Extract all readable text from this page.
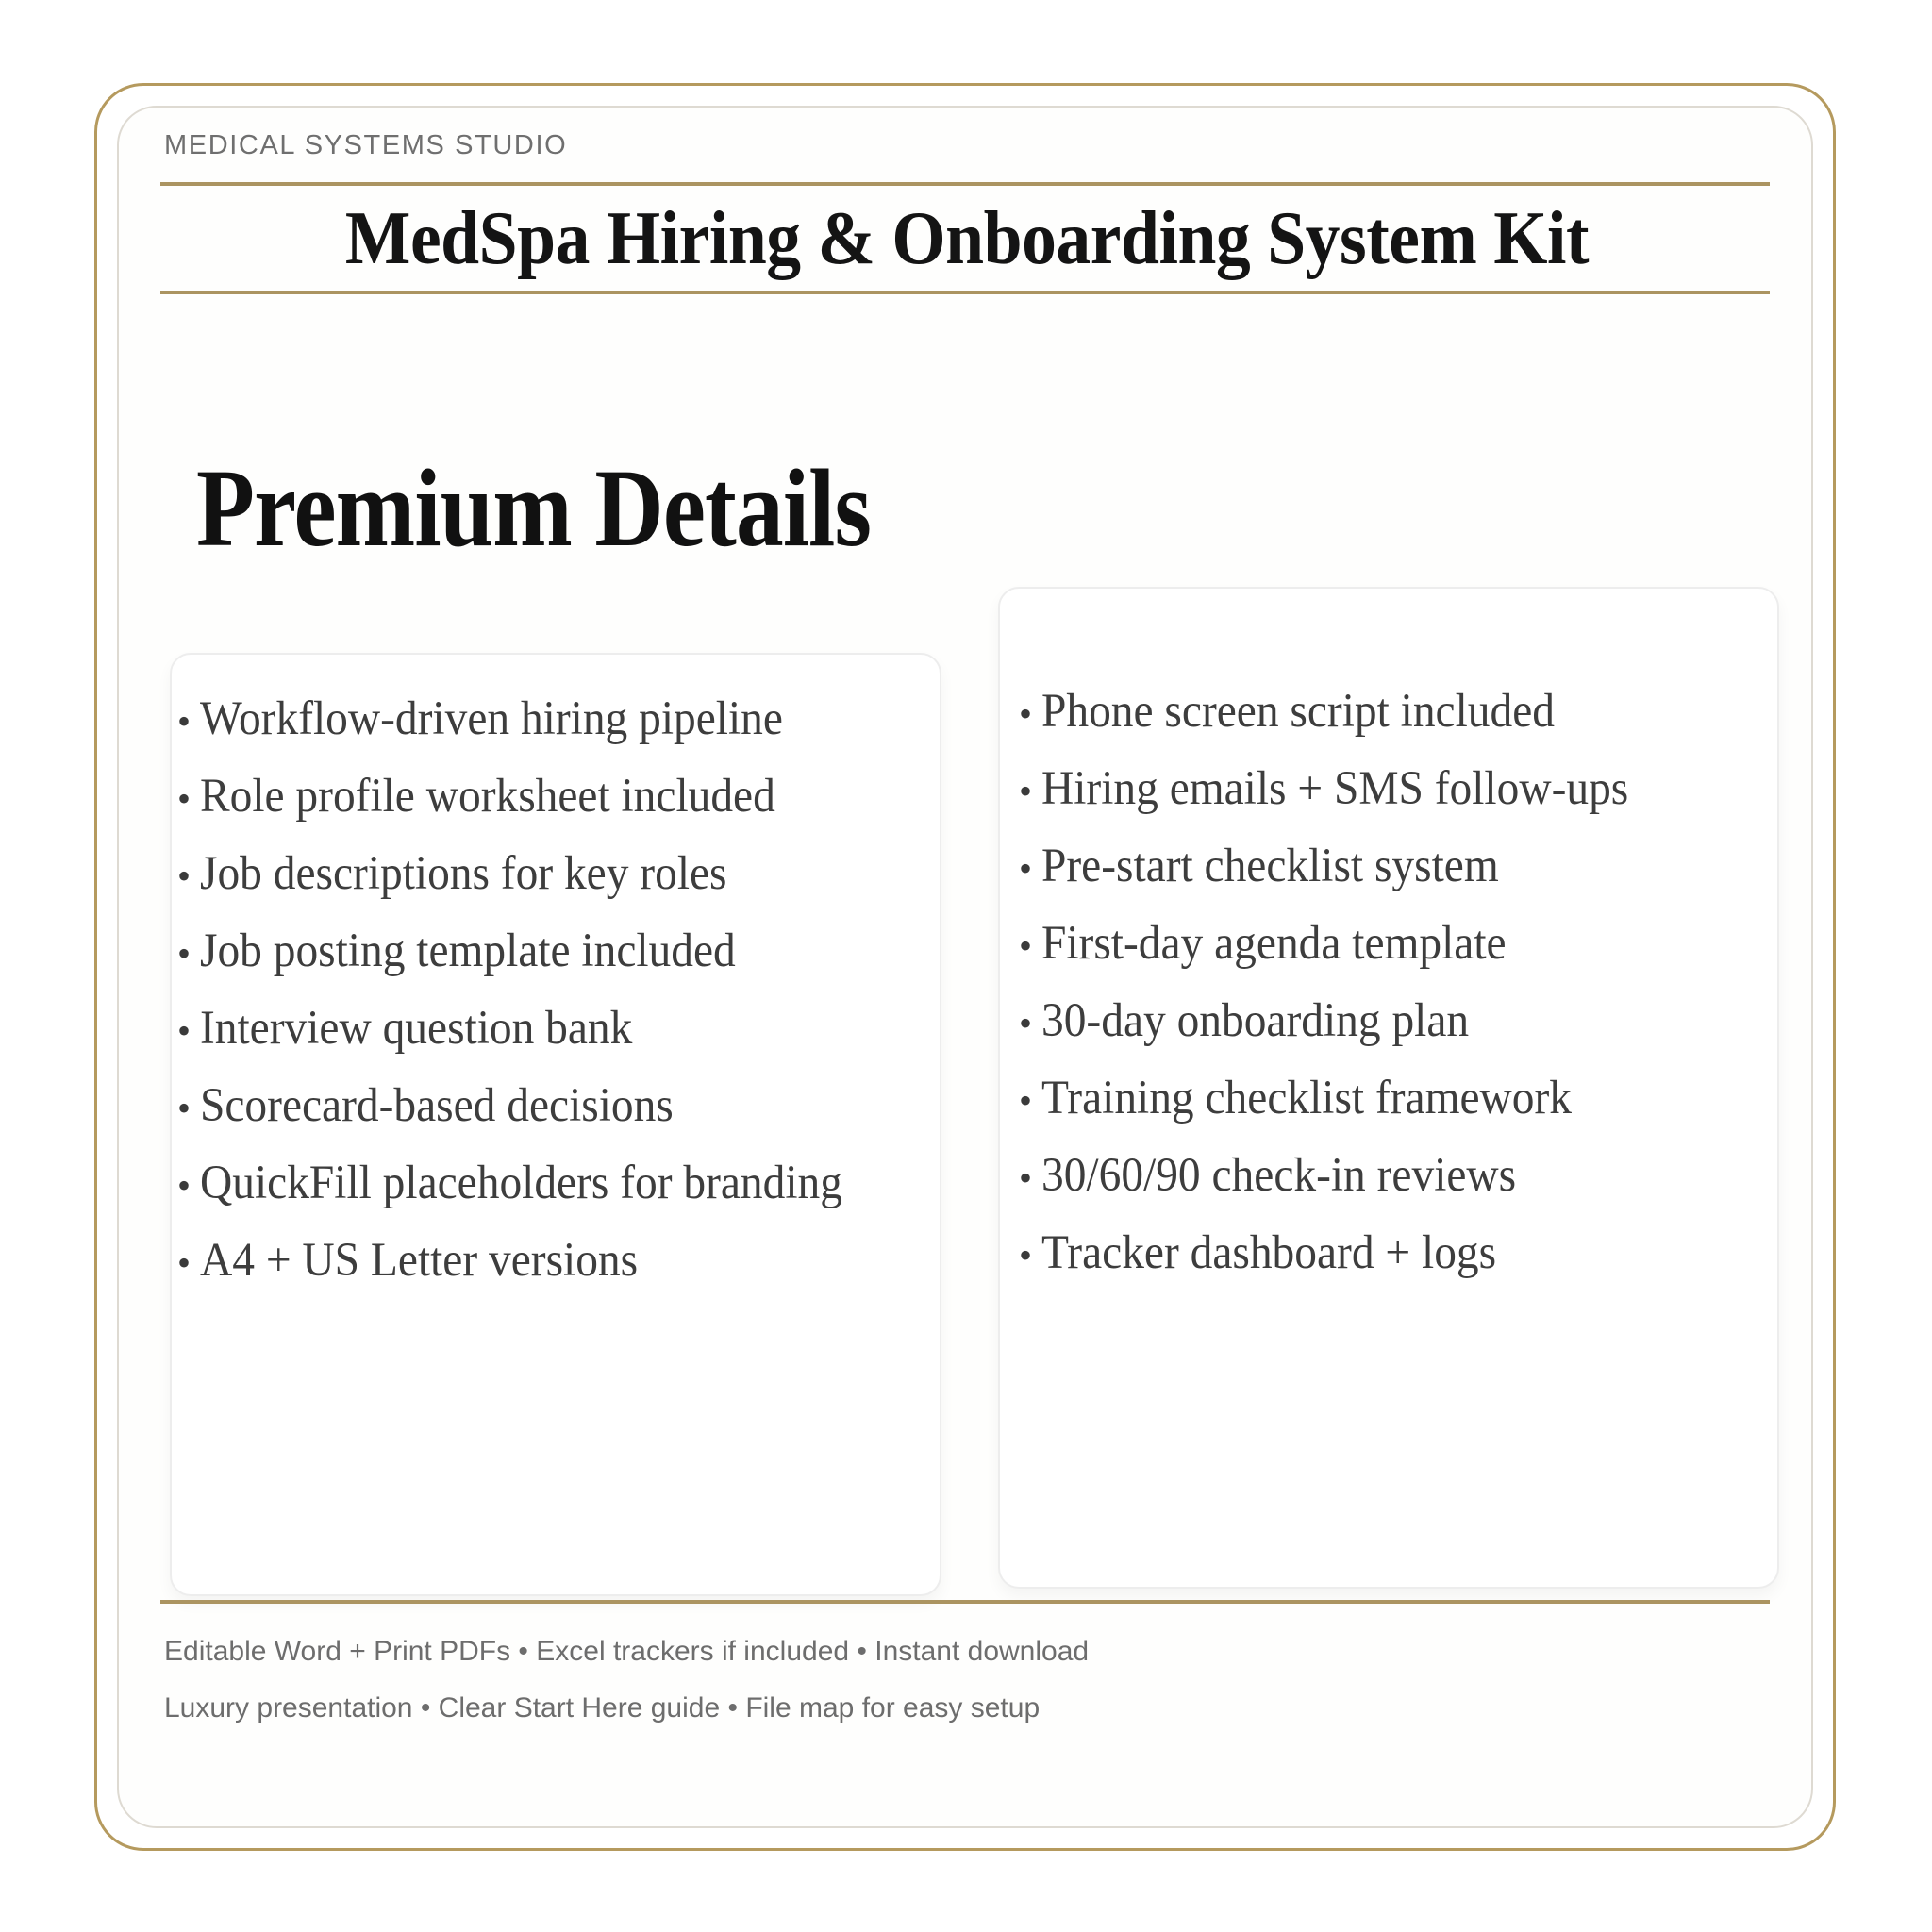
MEDICAL SYSTEMS STUDIO
MedSpa Hiring & Onboarding System Kit
Premium Details
• Workflow-driven hiring pipeline
• Role profile worksheet included
• Job descriptions for key roles
• Job posting template included
• Interview question bank
• Scorecard-based decisions
• QuickFill placeholders for branding
• A4 + US Letter versions
• Phone screen script included
• Hiring emails + SMS follow-ups
• Pre-start checklist system
• First-day agenda template
• 30-day onboarding plan
• Training checklist framework
• 30/60/90 check-in reviews
• Tracker dashboard + logs
Editable Word + Print PDFs • Excel trackers if included • Instant download
Luxury presentation • Clear Start Here guide • File map for easy setup
